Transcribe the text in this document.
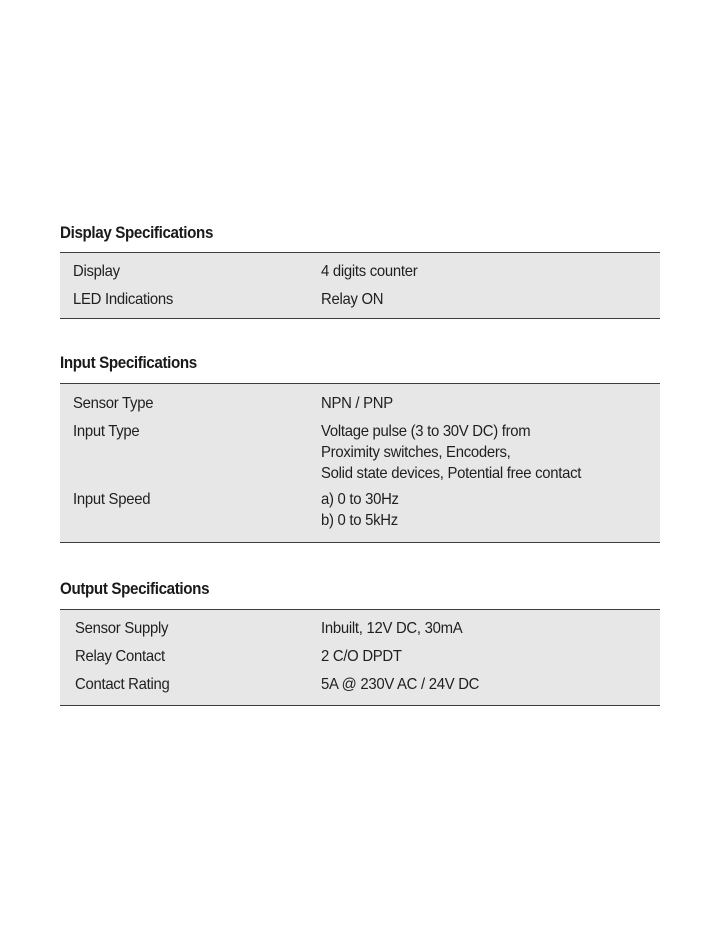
Display Specifications
Display	4 digits counter
LED Indications	Relay ON
Input Specifications
Sensor Type	NPN / PNP
Input Type	Voltage pulse (3 to 30V DC) from
Proximity switches, Encoders,
Solid state devices, Potential free contact
Input Speed	a) 0 to 30Hz
b) 0 to 5kHz
Output Specifications
Sensor Supply	Inbuilt, 12V DC, 30mA
Relay Contact	2 C/O DPDT
Contact Rating	5A @ 230V AC / 24V DC
